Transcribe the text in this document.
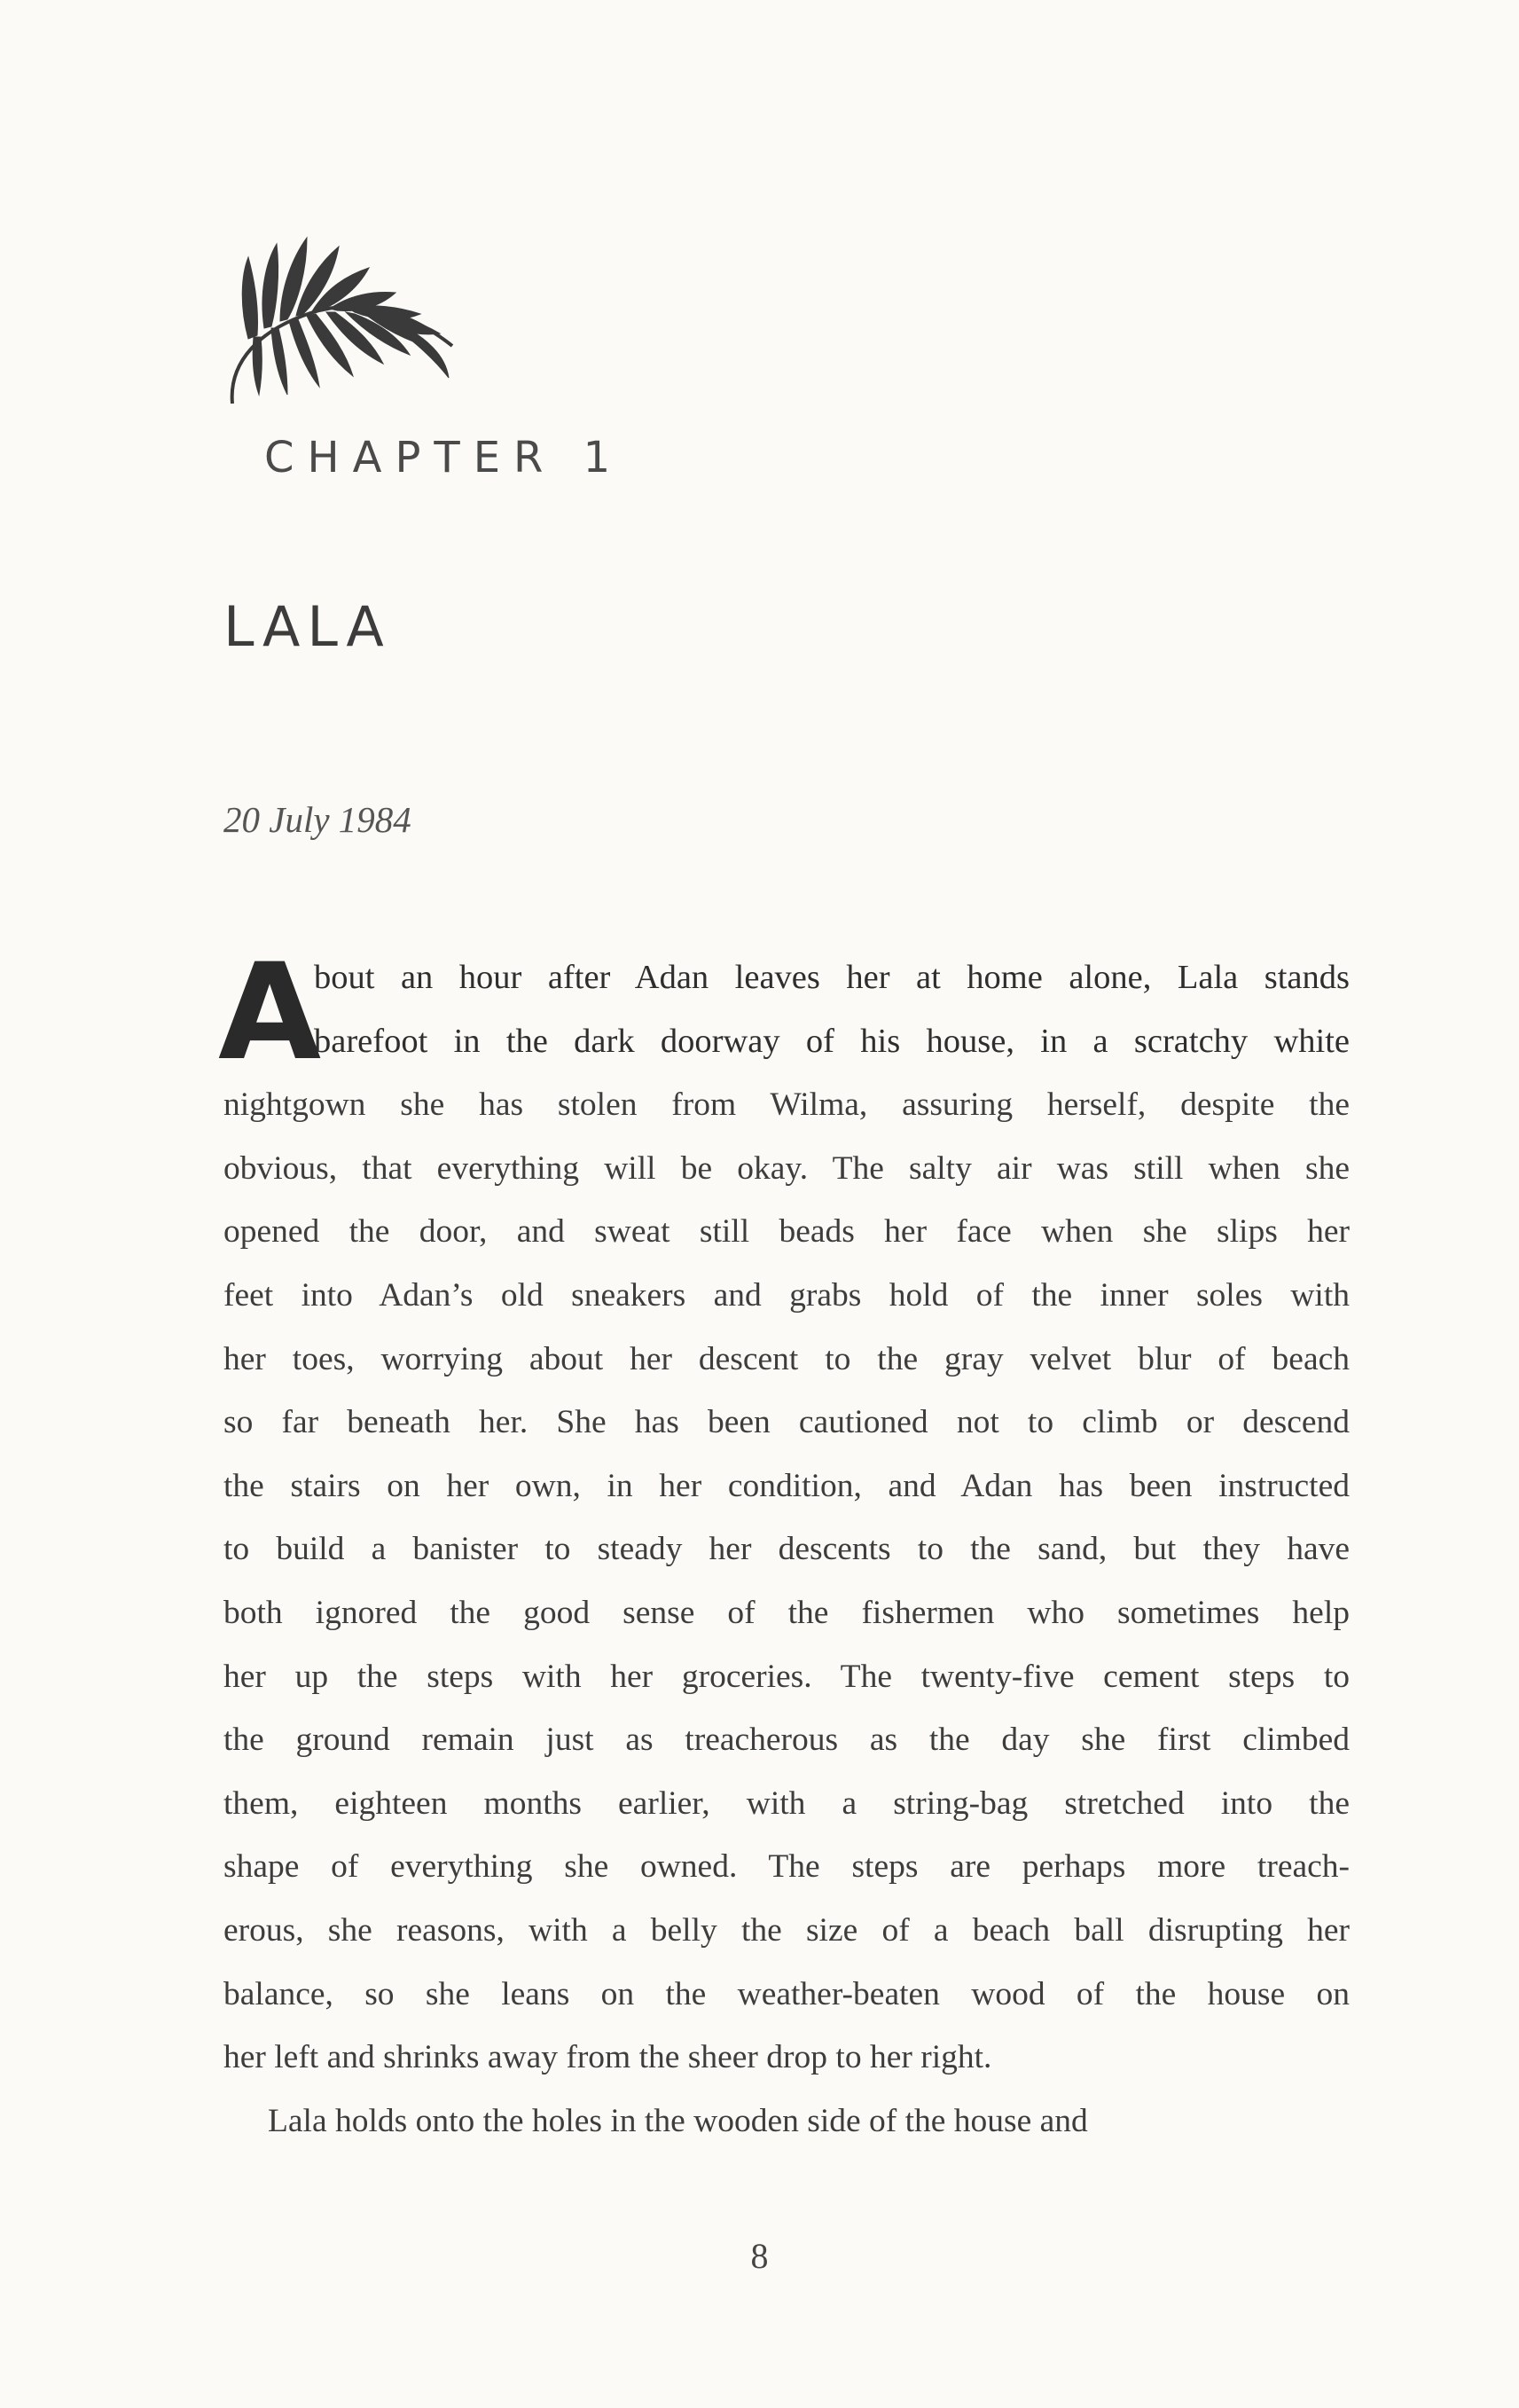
CHAPTER 1
LALA
20 July 1984
A
bout an hour after Adan leaves her at home alone, Lala stands
barefoot in the dark doorway of his house, in a scratchy white
nightgown she has stolen from Wilma, assuring herself, despite the
obvious, that everything will be okay. The salty air was still when she
opened the door, and sweat still beads her face when she slips her
feet into Adan’s old sneakers and grabs hold of the inner soles with
her toes, worrying about her descent to the gray velvet blur of beach
so far beneath her. She has been cautioned not to climb or descend
the stairs on her own, in her condition, and Adan has been instructed
to build a banister to steady her descents to the sand, but they have
both ignored the good sense of the fishermen who sometimes help
her up the steps with her groceries. The twenty-five cement steps to
the ground remain just as treacherous as the day she first climbed
them, eighteen months earlier, with a string-bag stretched into the
shape of everything she owned. The steps are perhaps more treach-
erous, she reasons, with a belly the size of a beach ball disrupting her
balance, so she leans on the weather-beaten wood of the house on
her left and shrinks away from the sheer drop to her right.
Lala holds onto the holes in the wooden side of the house and
8
